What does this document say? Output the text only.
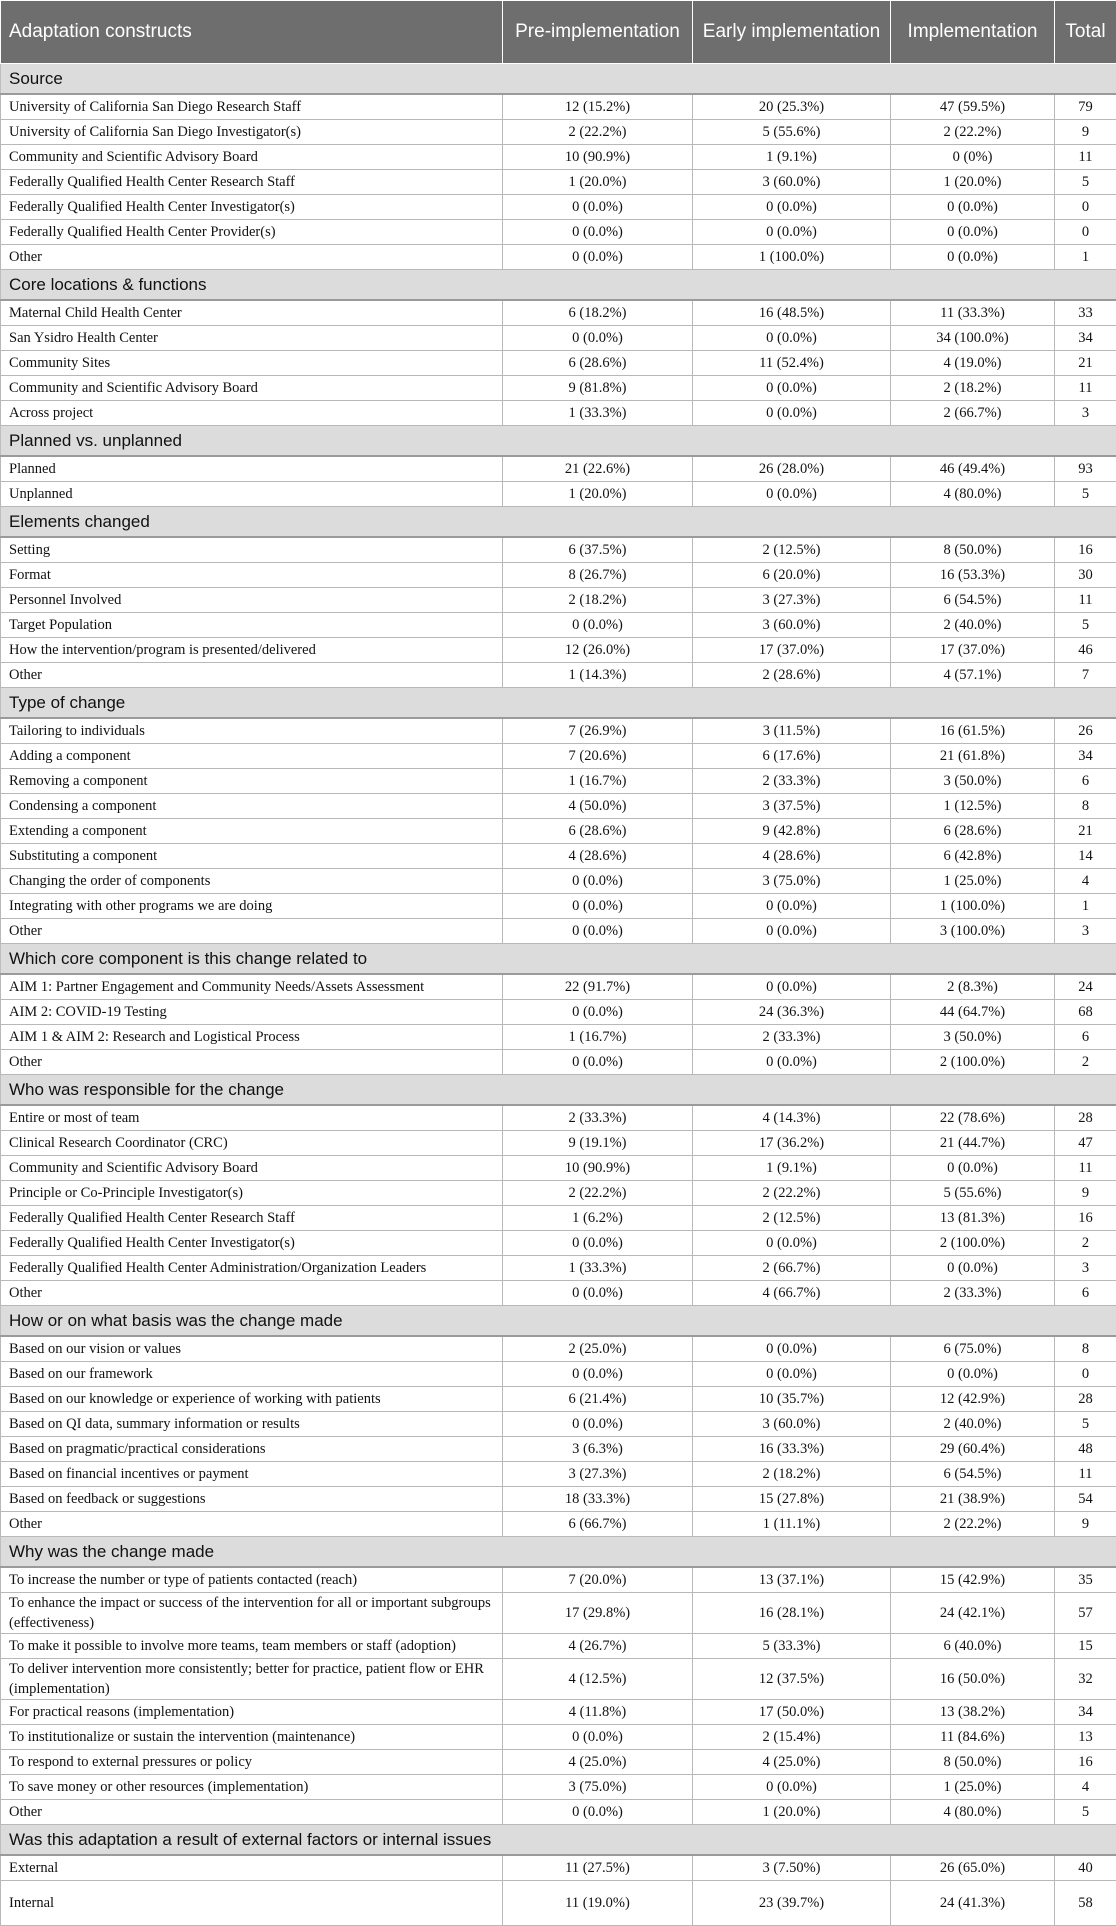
Adaptation constructs	Pre-implementation	Early implementation	Implementation	Total
Source				
University of California San Diego Research Staff	12 (15.2%)	20 (25.3%)	47 (59.5%)	79
University of California San Diego Investigator(s)	2 (22.2%)	5 (55.6%)	2 (22.2%)	9
Community and Scientific Advisory Board	10 (90.9%)	1 (9.1%)	0 (0%)	11
Federally Qualified Health Center Research Staff	1 (20.0%)	3 (60.0%)	1 (20.0%)	5
Federally Qualified Health Center Investigator(s)	0 (0.0%)	0 (0.0%)	0 (0.0%)	0
Federally Qualified Health Center Provider(s)	0 (0.0%)	0 (0.0%)	0 (0.0%)	0
Other	0 (0.0%)	1 (100.0%)	0 (0.0%)	1
Core locations & functions				
Maternal Child Health Center	6 (18.2%)	16 (48.5%)	11 (33.3%)	33
San Ysidro Health Center	0 (0.0%)	0 (0.0%)	34 (100.0%)	34
Community Sites	6 (28.6%)	11 (52.4%)	4 (19.0%)	21
Community and Scientific Advisory Board	9 (81.8%)	0 (0.0%)	2 (18.2%)	11
Across project	1 (33.3%)	0 (0.0%)	2 (66.7%)	3
Planned vs. unplanned				
Planned	21 (22.6%)	26 (28.0%)	46 (49.4%)	93
Unplanned	1 (20.0%)	0 (0.0%)	4 (80.0%)	5
Elements changed				
Setting	6 (37.5%)	2 (12.5%)	8 (50.0%)	16
Format	8 (26.7%)	6 (20.0%)	16 (53.3%)	30
Personnel Involved	2 (18.2%)	3 (27.3%)	6 (54.5%)	11
Target Population	0 (0.0%)	3 (60.0%)	2 (40.0%)	5
How the intervention/program is presented/delivered	12 (26.0%)	17 (37.0%)	17 (37.0%)	46
Other	1 (14.3%)	2 (28.6%)	4 (57.1%)	7
Type of change				
Tailoring to individuals	7 (26.9%)	3 (11.5%)	16 (61.5%)	26
Adding a component	7 (20.6%)	6 (17.6%)	21 (61.8%)	34
Removing a component	1 (16.7%)	2 (33.3%)	3 (50.0%)	6
Condensing a component	4 (50.0%)	3 (37.5%)	1 (12.5%)	8
Extending a component	6 (28.6%)	9 (42.8%)	6 (28.6%)	21
Substituting a component	4 (28.6%)	4 (28.6%)	6 (42.8%)	14
Changing the order of components	0 (0.0%)	3 (75.0%)	1 (25.0%)	4
Integrating with other programs we are doing	0 (0.0%)	0 (0.0%)	1 (100.0%)	1
Other	0 (0.0%)	0 (0.0%)	3 (100.0%)	3
Which core component is this change related to				
AIM 1: Partner Engagement and Community Needs/Assets Assessment	22 (91.7%)	0 (0.0%)	2 (8.3%)	24
AIM 2: COVID-19 Testing	0 (0.0%)	24 (36.3%)	44 (64.7%)	68
AIM 1 & AIM 2: Research and Logistical Process	1 (16.7%)	2 (33.3%)	3 (50.0%)	6
Other	0 (0.0%)	0 (0.0%)	2 (100.0%)	2
Who was responsible for the change				
Entire or most of team	2 (33.3%)	4 (14.3%)	22 (78.6%)	28
Clinical Research Coordinator (CRC)	9 (19.1%)	17 (36.2%)	21 (44.7%)	47
Community and Scientific Advisory Board	10 (90.9%)	1 (9.1%)	0 (0.0%)	11
Principle or Co-Principle Investigator(s)	2 (22.2%)	2 (22.2%)	5 (55.6%)	9
Federally Qualified Health Center Research Staff	1 (6.2%)	2 (12.5%)	13 (81.3%)	16
Federally Qualified Health Center Investigator(s)	0 (0.0%)	0 (0.0%)	2 (100.0%)	2
Federally Qualified Health Center Administration/Organization Leaders	1 (33.3%)	2 (66.7%)	0 (0.0%)	3
Other	0 (0.0%)	4 (66.7%)	2 (33.3%)	6
How or on what basis was the change made				
Based on our vision or values	2 (25.0%)	0 (0.0%)	6 (75.0%)	8
Based on our framework	0 (0.0%)	0 (0.0%)	0 (0.0%)	0
Based on our knowledge or experience of working with patients	6 (21.4%)	10 (35.7%)	12 (42.9%)	28
Based on QI data, summary information or results	0 (0.0%)	3 (60.0%)	2 (40.0%)	5
Based on pragmatic/practical considerations	3 (6.3%)	16 (33.3%)	29 (60.4%)	48
Based on financial incentives or payment	3 (27.3%)	2 (18.2%)	6 (54.5%)	11
Based on feedback or suggestions	18 (33.3%)	15 (27.8%)	21 (38.9%)	54
Other	6 (66.7%)	1 (11.1%)	2 (22.2%)	9
Why was the change made				
To increase the number or type of patients contacted (reach)	7 (20.0%)	13 (37.1%)	15 (42.9%)	35
To enhance the impact or success of the intervention for all or important subgroups (effectiveness)	17 (29.8%)	16 (28.1%)	24 (42.1%)	57
To make it possible to involve more teams, team members or staff (adoption)	4 (26.7%)	5 (33.3%)	6 (40.0%)	15
To deliver intervention more consistently; better for practice, patient flow or EHR (implementation)	4 (12.5%)	12 (37.5%)	16 (50.0%)	32
For practical reasons (implementation)	4 (11.8%)	17 (50.0%)	13 (38.2%)	34
To institutionalize or sustain the intervention (maintenance)	0 (0.0%)	2 (15.4%)	11 (84.6%)	13
To respond to external pressures or policy	4 (25.0%)	4 (25.0%)	8 (50.0%)	16
To save money or other resources (implementation)	3 (75.0%)	0 (0.0%)	1 (25.0%)	4
Other	0 (0.0%)	1 (20.0%)	4 (80.0%)	5
Was this adaptation a result of external factors or internal issues				
External	11 (27.5%)	3 (7.50%)	26 (65.0%)	40
Internal	11 (19.0%)	23 (39.7%)	24 (41.3%)	58
